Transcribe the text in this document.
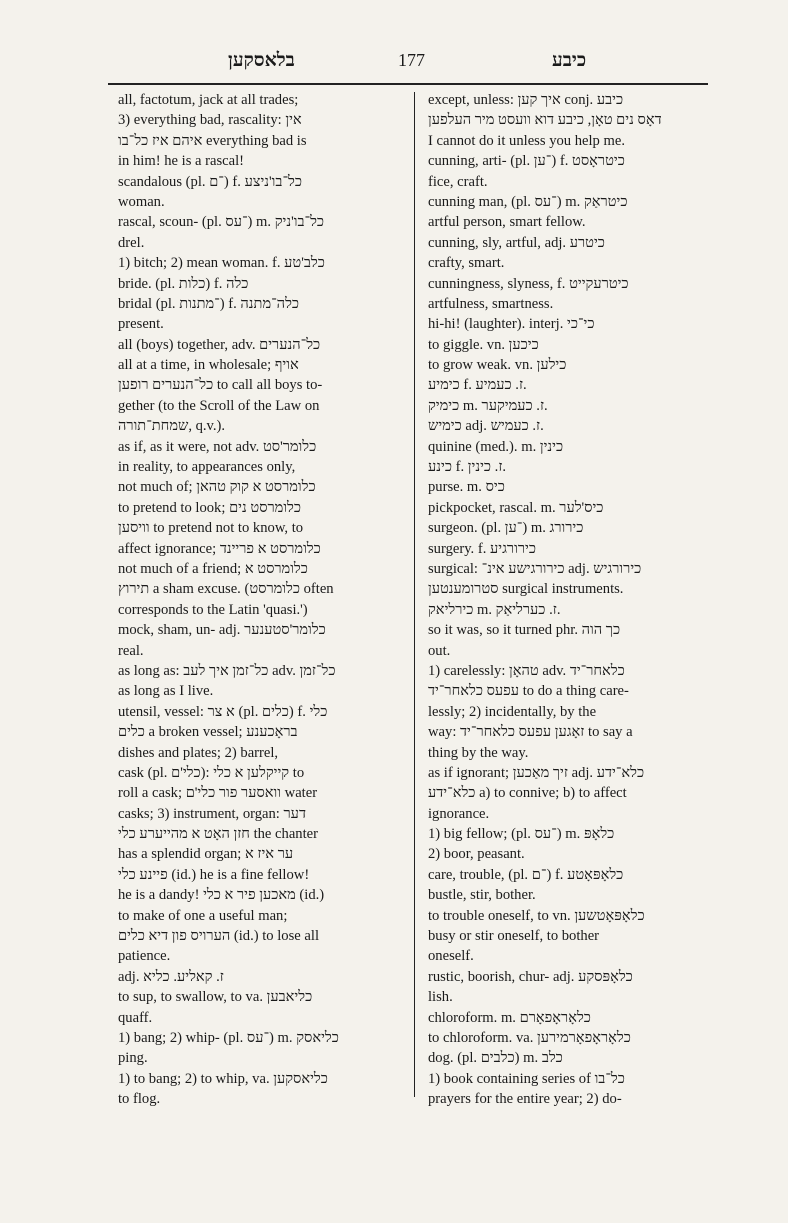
בלאסקען	177	כיבע
all, factotum, jack at all trades;
3) everything bad, rascality: אין
איהם איז כל־בו everything bad is
in him! he is a rascal!
scandalous (pl. ־ם) f. כל־בו'ניצע
woman.
rascal, scoun- (pl. ־עס) m. כל־בו'ניק
drel.
1) bitch; 2) mean woman. f. כלב'טע
bride. (pl. כלות) f. כלה
bridal (pl. ־מתנות) f. כלה־מתנה
present.
all (boys) together, adv. כל־הנערים
all at a time, in wholesale; אויף
כל־הנערים רופען to call all boys to-
gether (to the Scroll of the Law on
שמחת־תורה, q.v.).
as if, as it were, not adv. כלומר'סט
in reality, to appearances only,
not much of; כלומרסט א קוק טהאן
to pretend to look; כלומרסט נים
וויסען to pretend not to know, to
affect ignorance; כלומרסט א פריינד
not much of a friend; כלומרסט א
תירוץ a sham excuse. (כלומרסט often
corresponds to the Latin 'quasi.')
mock, sham, un- adj. כלומר'סטענער
real.
as long as: כל־זמן איך לעב adv. כל־זמן
as long as I live.
utensil, vessel: א צר (pl. כלים) f. כלי
כלים a broken vessel; בראָכענע
dishes and plates; 2) barrel,
cask (pl. כלי'ם): קייקלען א כלי to
roll a cask; וואסער פור כלי'ם water
casks; 3) instrument, organ: דער
חזן האָט א מהייערע כלי the chanter
has a splendid organ; ער איז א
פיינע כלי (id.) he is a fine fellow!
he is a dandy! מאכען פיר א כלי (id.)
to make of one a useful man;
הערויס פון דיא כלים (id.) to lose all
patience.
adj. ז. קאליע. כליא
to sup, to swallow, to va. כליאבען
quaff.
1) bang; 2) whip- (pl. ־עס) m. כליאסק
ping.
1) to bang; 2) to whip, va. כליאסקען
to flog.
except, unless: איך קען conj. כיבע
דאָס נים טאָן, כיבע דוא וועסט מיר העלפען
I cannot do it unless you help me.
cunning, arti- (pl. ־ען) f. כיטראָסט
fice, craft.
cunning man, (pl. ־עס) m. כיטראַק
artful person, smart fellow.
cunning, sly, artful, adj. כיטרע
crafty, smart.
cunningness, slyness, f. כיטרעקייט
artfulness, smartness.
hi-hi! (laughter). interj. כי־כי
to giggle. vn. כיכען
to grow weak. vn. כילען
כימיע f. ז. כעמיע.
כימיק m. ז. כעמיקער.
כימיש adj. ז. כעמיש.
quinine (med.). m. כינין
כינע f. ז. כינין.
purse. m. כיס
pickpocket, rascal. m. כיס'לער
surgeon. (pl. ־ען) m. כירורג
surgery. f. כירורגיע
surgical: כירורגישע אינ־ adj. כירורגיש
סטרומענטען surgical instruments.
כירליאק m. ז. כערליאַק.
so it was, so it turned phr. כך הוה
out.
1) carelessly: טהאָן adv. כלאחר־יד
עפעס כלאחר־יד to do a thing care-
lessly; 2) incidentally, by the
way: זאָגען עפעס כלאחר־יד to say a
thing by the way.
as if ignorant; זיך מאַכען adj. כלא־ידע
כלא־ידע a) to connive; b) to affect
ignorance.
1) big fellow; (pl. ־עס) m. כלאָפּ
2) boor, peasant.
care, trouble, (pl. ־ם) f. כלאָפּאָטע
bustle, stir, bother.
to trouble oneself, to vn. כלאָפּאָטשען
busy or stir oneself, to bother
oneself.
rustic, boorish, chur- adj. כלאָפּסקע
lish.
chloroform. m. כלאָראָפאָרם
to chloroform. va. כלאָראָפאָרמירען
dog. (pl. כלבים) m. כלב
1) book containing series of כל־בו
prayers for the entire year; 2) do-
